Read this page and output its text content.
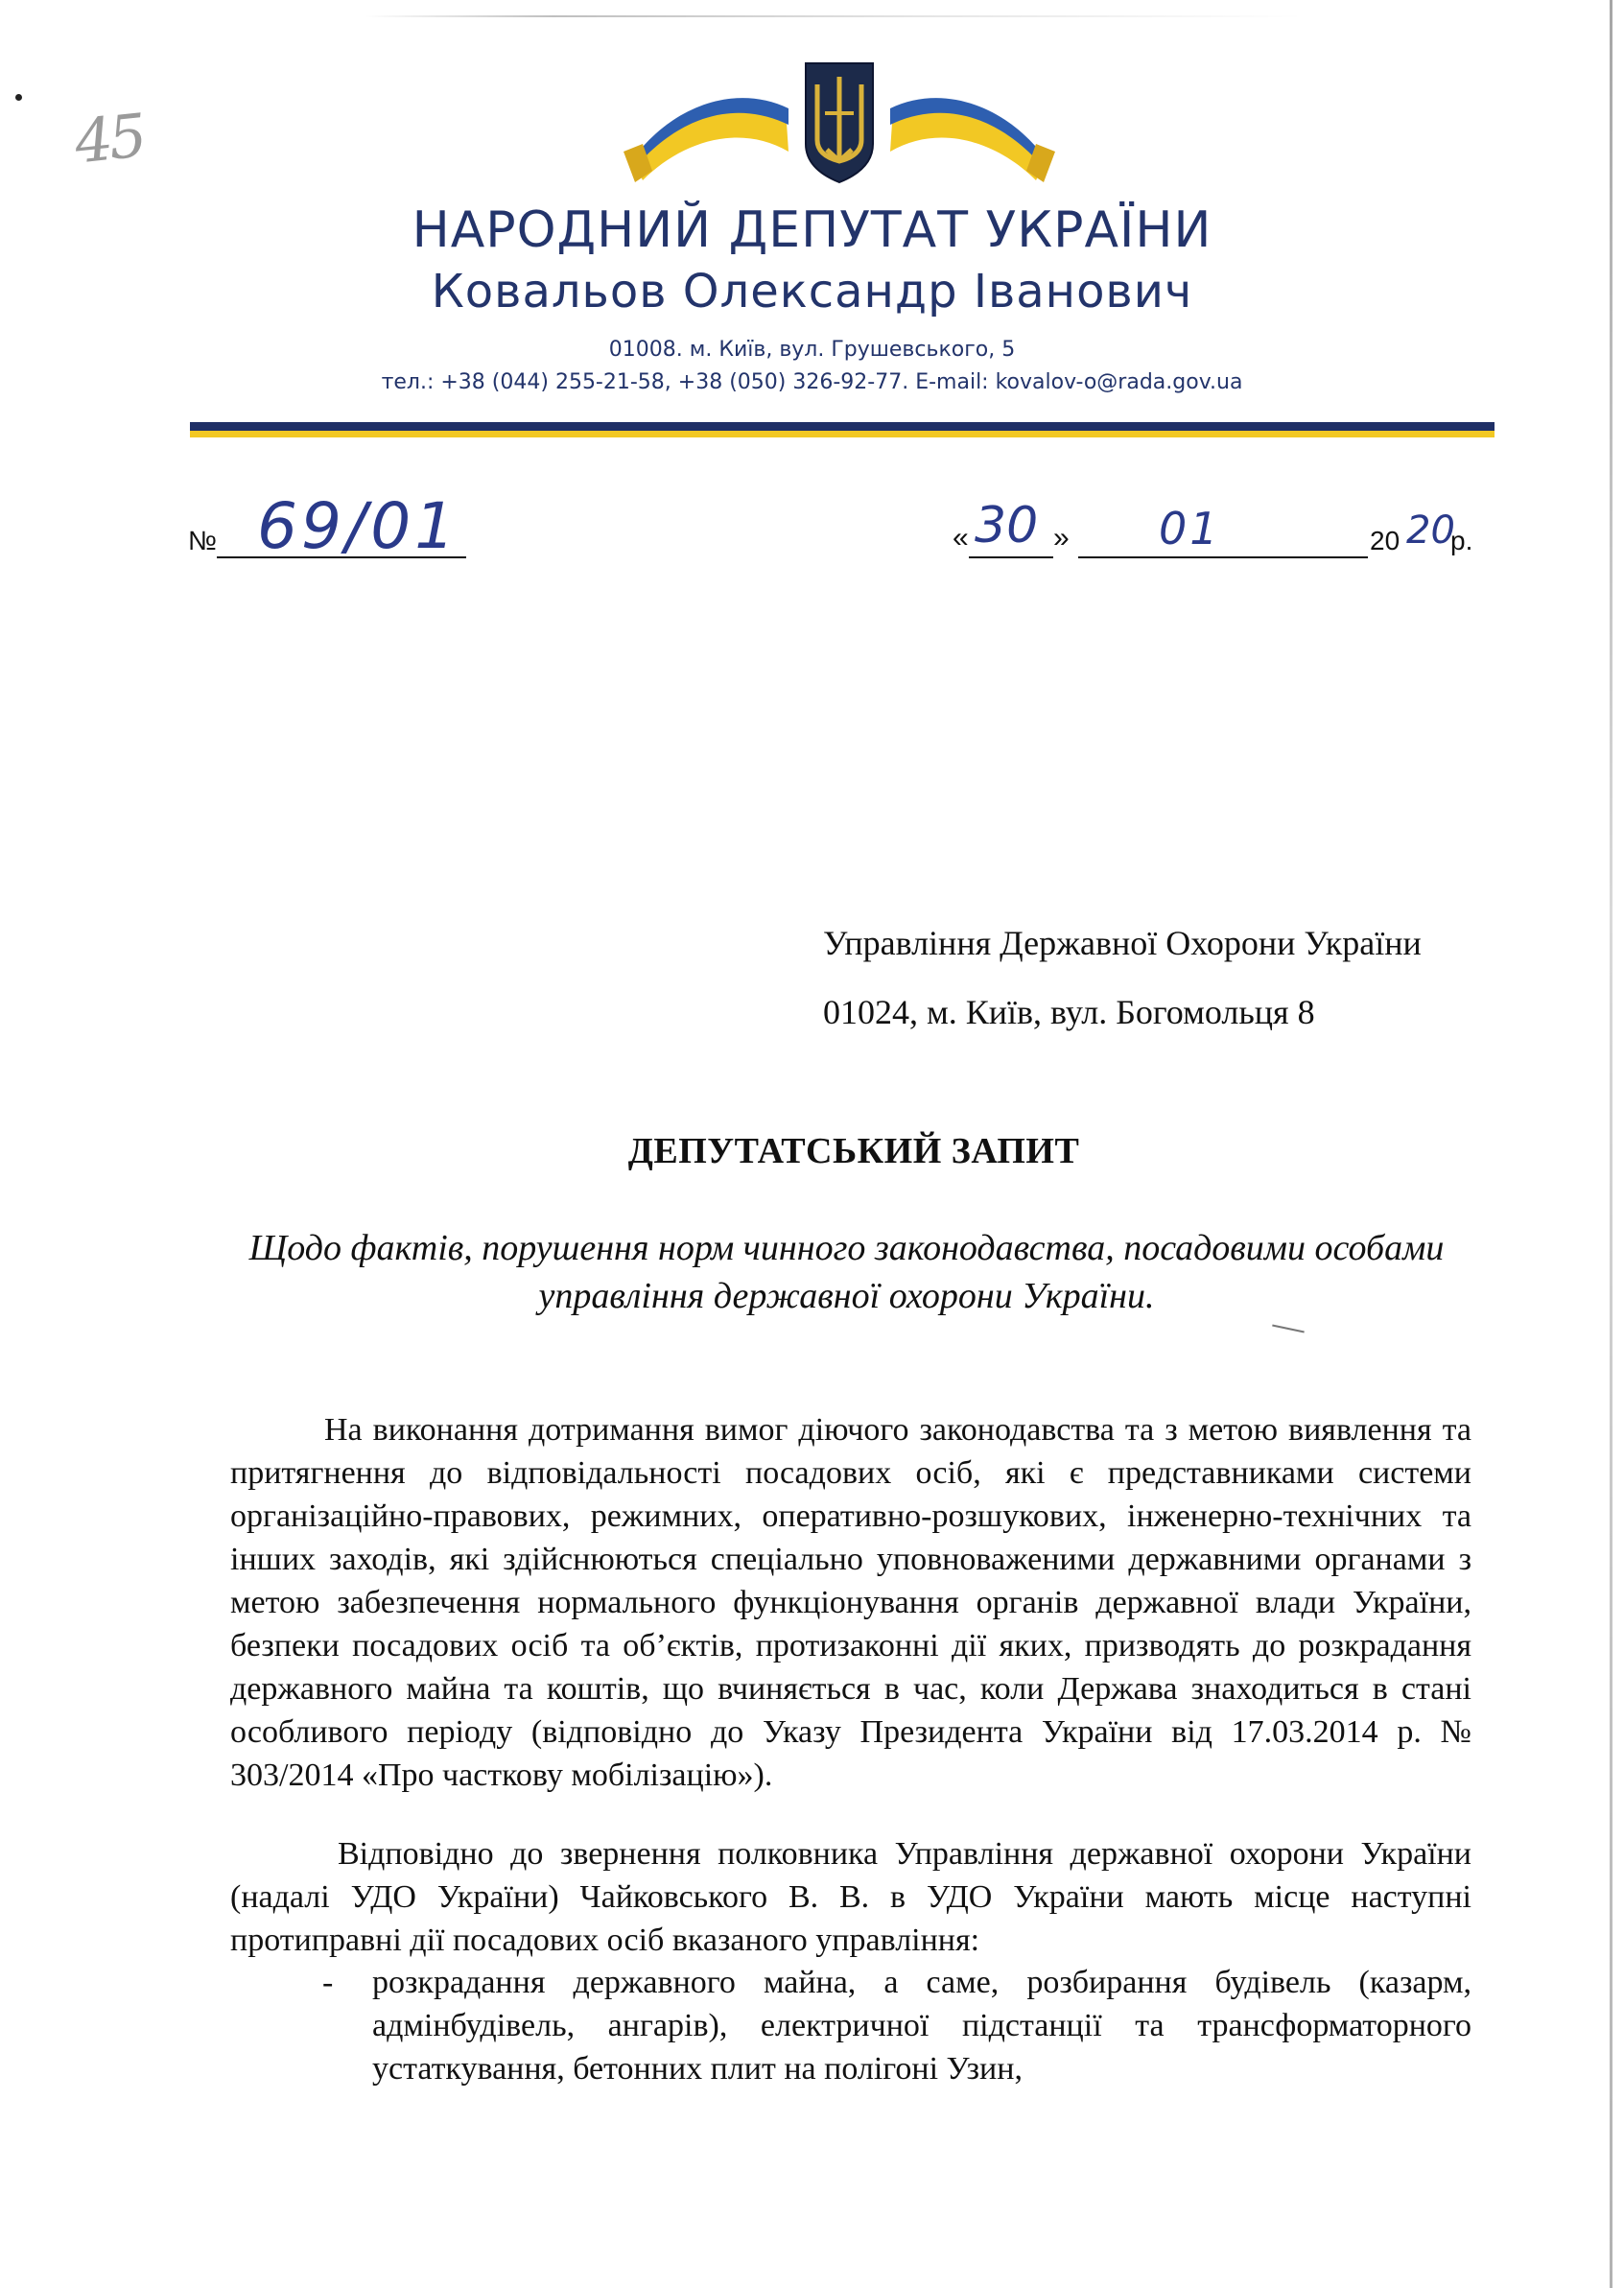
45
НАРОДНИЙ ДЕПУТАТ УКРАЇНИ
Ковальов Олександр Іванович
01008. м. Київ, вул. Грушевського, 5
тел.: +38 (044) 255-21-58, +38 (050) 326-92-77. E-mail: kovalov-o@rada.gov.ua
№ 69/01	« 30 » 01	20 20
р.
Управління Державної Охорони України
01024, м. Київ, вул. Богомольця 8
ДЕПУТАТСЬКИЙ ЗАПИТ
Щодо фактів, порушення норм чинного законодавства, посадовими особами управління державної охорони України.
На виконання дотримання вимог діючого законодавства та з метою виявлення та притягнення до відповідальності посадових осіб, які є представниками системи організаційно-правових, режимних, оперативно-розшукових, інженерно-технічних та інших заходів, які здійснюються спеціально уповноваженими державними органами з метою забезпечення нормального функціонування органів державної влади України, безпеки посадових осіб та об’єктів, протизаконні дії яких, призводять до розкрадання державного майна та коштів, що вчиняється в час, коли Держава знаходиться в стані особливого періоду (відповідно до Указу Президента України від 17.03.2014 р. № 303/2014 «Про часткову мобілізацію»).
Відповідно до звернення полковника Управління державної охорони України (надалі УДО України) Чайковського В. В. в УДО України мають місце наступні протиправні дії посадових осіб вказаного управління:
- розкрадання державного майна, а саме, розбирання будівель (казарм, адмінбудівель, ангарів), електричної підстанції та трансформаторного устаткування, бетонних плит на полігоні Узин,
